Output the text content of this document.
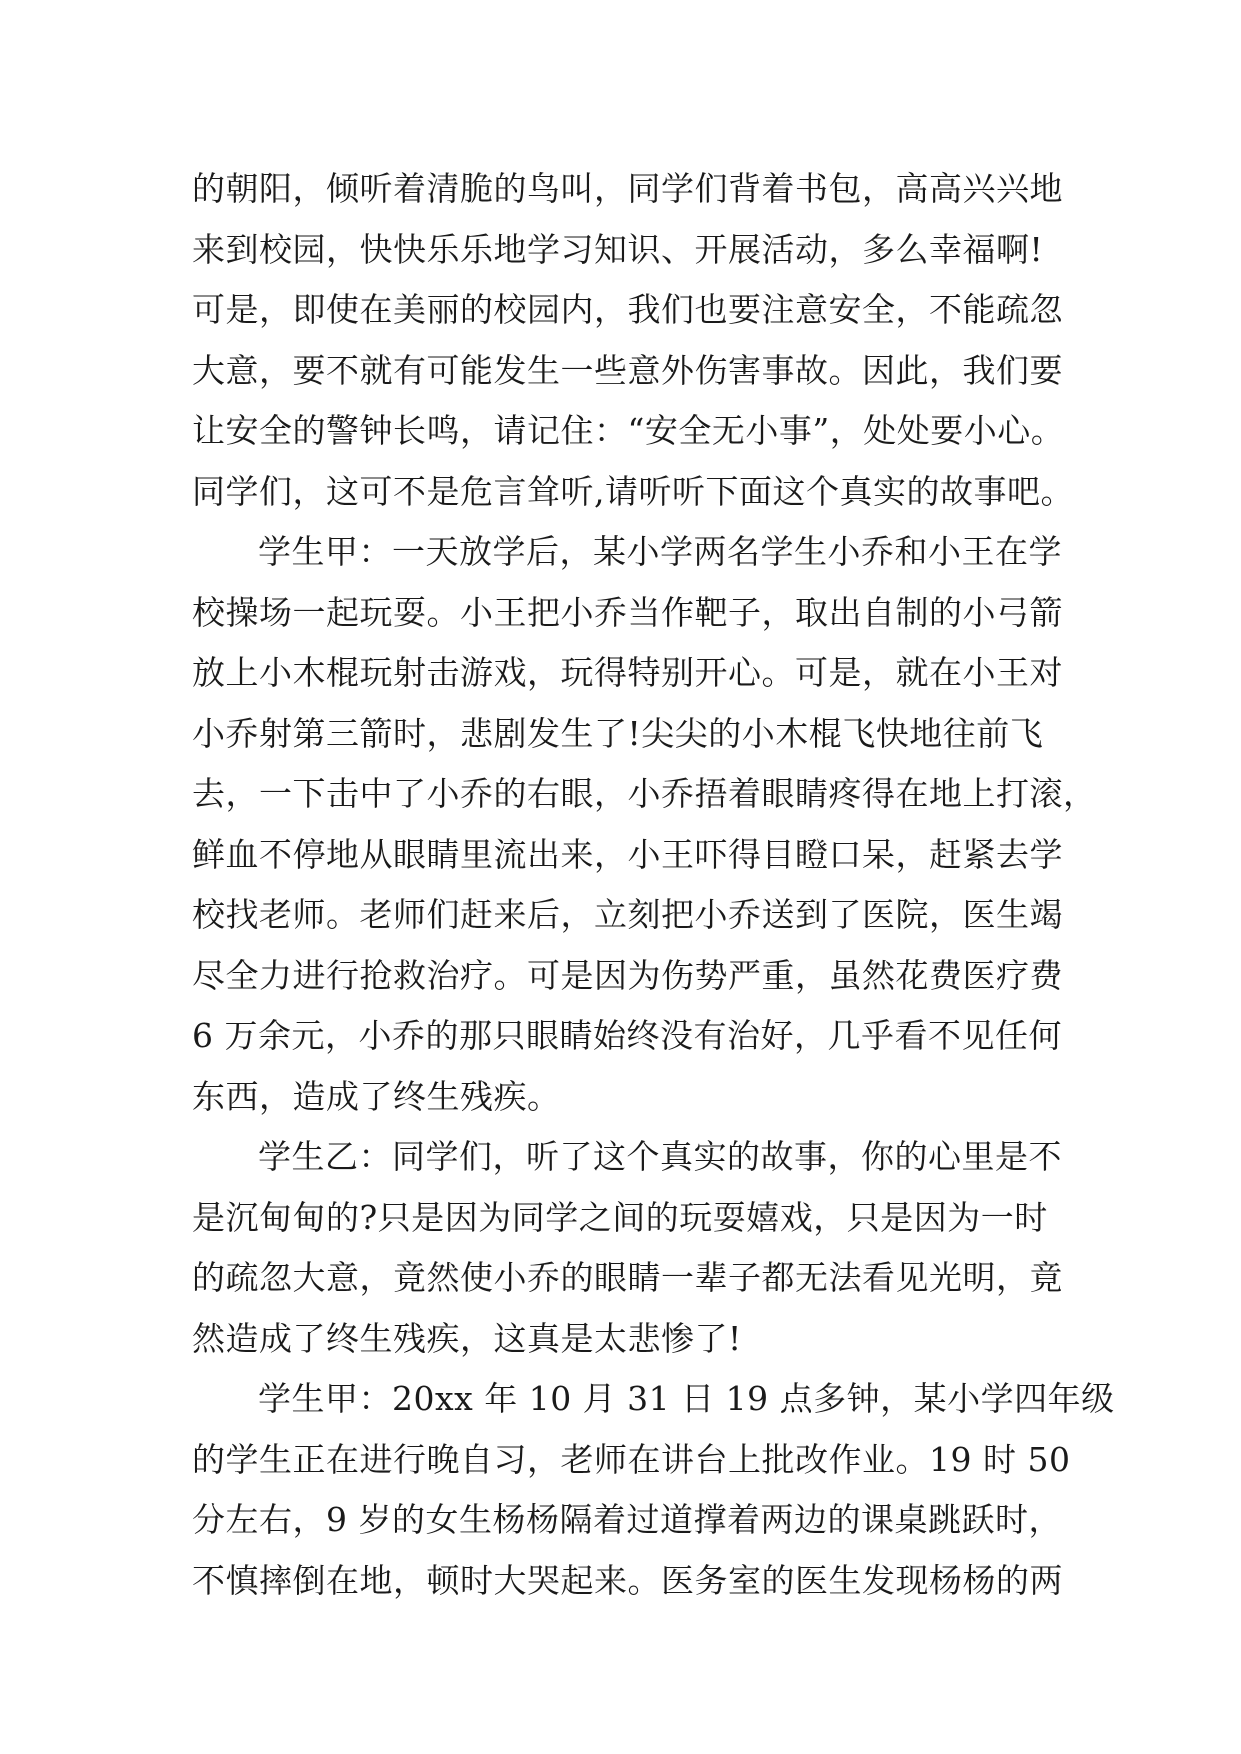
的朝阳，倾听着清脆的鸟叫，同学们背着书包，高高兴兴地
来到校园，快快乐乐地学习知识、开展活动，多么幸福啊!
可是，即使在美丽的校园内，我们也要注意安全，不能疏忽
大意，要不就有可能发生一些意外伤害事故。因此，我们要
让安全的警钟长鸣，请记住：“安全无小事”，处处要小心。
同学们，这可不是危言耸听,请听听下面这个真实的故事吧。
学生甲：一天放学后，某小学两名学生小乔和小王在学
校操场一起玩耍。小王把小乔当作靶子，取出自制的小弓箭
放上小木棍玩射击游戏，玩得特别开心。可是，就在小王对
小乔射第三箭时，悲剧发生了!尖尖的小木棍飞快地往前飞
去，一下击中了小乔的右眼，小乔捂着眼睛疼得在地上打滚，
鲜血不停地从眼睛里流出来，小王吓得目瞪口呆，赶紧去学
校找老师。老师们赶来后，立刻把小乔送到了医院，医生竭
尽全力进行抢救治疗。可是因为伤势严重，虽然花费医疗费
6 万余元，小乔的那只眼睛始终没有治好，几乎看不见任何
东西，造成了终生残疾。
学生乙：同学们，听了这个真实的故事，你的心里是不
是沉甸甸的?只是因为同学之间的玩耍嬉戏，只是因为一时
的疏忽大意，竟然使小乔的眼睛一辈子都无法看见光明，竟
然造成了终生残疾，这真是太悲惨了!
学生甲：20xx 年 10 月 31 日 19 点多钟，某小学四年级
的学生正在进行晚自习，老师在讲台上批改作业。19 时 50
分左右，9 岁的女生杨杨隔着过道撑着两边的课桌跳跃时，
不慎摔倒在地，顿时大哭起来。医务室的医生发现杨杨的两
